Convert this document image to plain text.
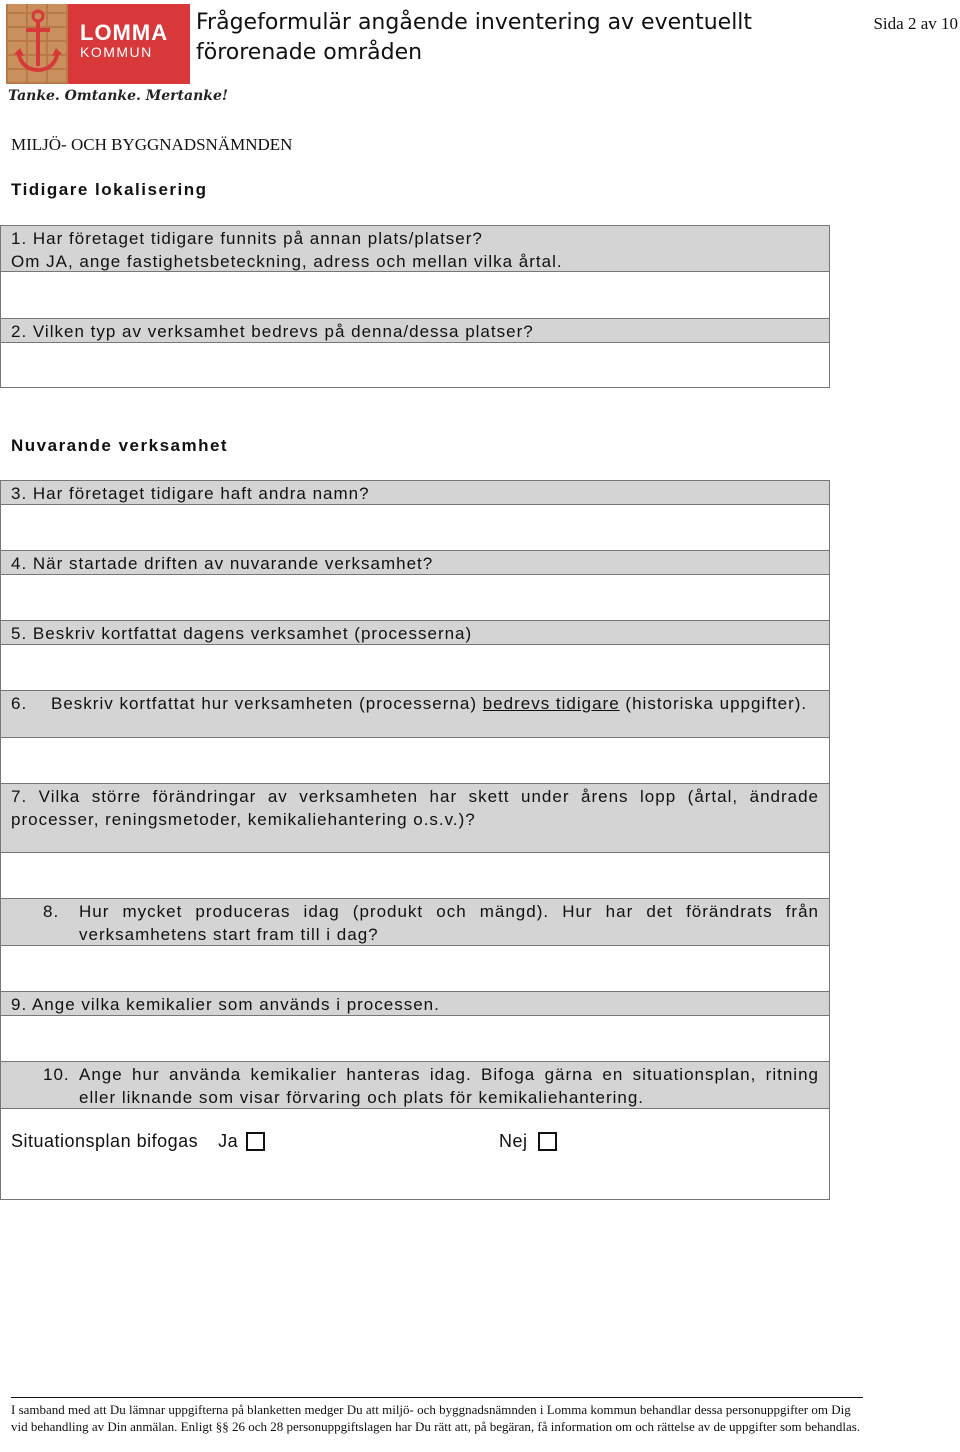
LOMMA
KOMMUN
Tanke. Omtanke. Mertanke!
Frågeformulär angående inventering av eventuellt förorenade områden
Sida 2 av 10
MILJÖ- OCH BYGGNADSNÄMNDEN
Tidigare lokalisering
1. Har företaget tidigare funnits på annan plats/platser?
Om JA, ange fastighetsbeteckning, adress och mellan vilka årtal.
2. Vilken typ av verksamhet bedrevs på denna/dessa platser?
Nuvarande verksamhet
3. Har företaget tidigare haft andra namn?
4. När startade driften av nuvarande verksamhet?
5. Beskriv kortfattat dagens verksamhet (processerna)
6.	Beskriv kortfattat hur verksamheten (processerna) bedrevs tidigare (historiska uppgifter).
7. Vilka större förändringar av verksamheten har skett under årens lopp (årtal, ändrade processer, reningsmetoder, kemikaliehantering o.s.v.)?
8.	Hur mycket produceras idag (produkt och mängd). Hur har det förändrats från verksamhetens start fram till i dag?
9. Ange vilka kemikalier som används i processen.
10. Ange hur använda kemikalier hanteras idag. Bifoga gärna en situationsplan, ritning eller liknande som visar förvaring och plats för kemikaliehantering.
Situationsplan bifogas Ja	Nej
I samband med att Du lämnar uppgifterna på blanketten medger Du att miljö- och byggnadsnämnden i Lomma kommun behandlar dessa personuppgifter om Dig vid behandling av Din anmälan. Enligt §§ 26 och 28 personuppgiftslagen har Du rätt att, på begäran, få information om och rättelse av de uppgifter som behandlas.
